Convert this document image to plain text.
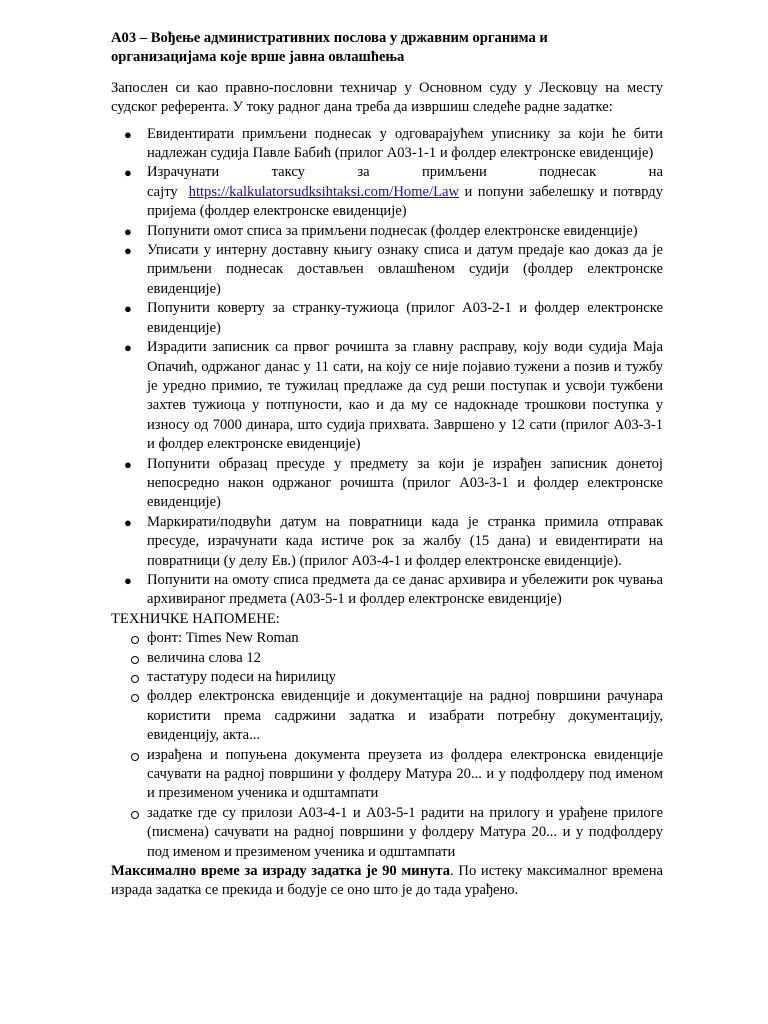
А03 – Вођење административних послова у државним органима и
организацијама које врше јавна овлашћења
Запослен си као правно-пословни техничар у Основном суду у Лесковцу на месту судског референта. У току радног дана треба да извршиш следеће радне задатке:
● Евидентирати примљени поднесак у одговарајућем уписнику за који ће бити надлежан судија Павле Бабић (прилог А03-1-1 и фолдер електронске евиденције)
● Израчунати	таксу	за	примљени	поднесак	на
сајту https://kalkulatorsudksihtaksi.com/Home/Law и попуни забелешку и потврду пријема (фолдер електронске евиденције)
● Попунити омот списа за примљени поднесак (фолдер електронске евиденције)
● Уписати у интерну доставну књигу ознаку списа и датум предаје као доказ да је примљени поднесак достављен овлашћеном судији (фолдер електронске евиденције)
● Попунити коверту за странку-тужиоца (прилог А03-2-1 и фолдер електронске евиденције)
● Израдити записник са првог рочишта за главну расправу, коју води судија Маја Опачић, одржаног данас у 11 сати, на коју се није појавио тужени а позив и тужбу је уредно примио, те тужилац предлаже да суд реши поступак и усвоји тужбени захтев тужиоца у потпуности, као и да му се надокнаде трошкови поступка у износу од 7000 динара, што судија прихвата. Завршено у 12 сати (прилог А03-3-1 и фолдер електронске евиденције)
● Попунити образац пресуде у предмету за који је израђен записник донетој непосредно након одржаног рочишта (прилог А03-3-1 и фолдер електронске евиденције)
● Маркирати/подвући датум на повратници када је странка примила отправак пресуде, израчунати када истиче рок за жалбу (15 дана) и евидентирати на повратници (у делу Ев.) (прилог А03-4-1 и фолдер електронске евиденције).
● Попунити на омоту списа предмета да се данас архивира и убележити рок чувања архивираног предмета (А03-5-1 и фолдер електронске евиденције)
ТЕХНИЧКЕ НАПОМЕНЕ:
фонт: Times New Roman
величина слова 12
тастатуру подеси на ћирилицу
фолдер електронска евиденције и документације на радној површини рачунара користити према садржини задатка и изабрати потребну документацију, евиденцију, акта...
израђена и попуњена документа преузета из фолдера електронска евиденције сачувати на радној површини у фолдеру Матура 20... и у подфолдеру под именом и презименом ученика и одштампати
задатке где су прилози А03-4-1 и А03-5-1 радити на прилогу и урађене прилоге (писмена) сачувати на радној површини у фолдеру Матура 20... и у подфолдеру под именом и презименом ученика и одштампати
Максимално време за израду задатка је 90 минута. По истеку максималног времена израда задатка се прекида и бодује се оно што је до тада урађено.
